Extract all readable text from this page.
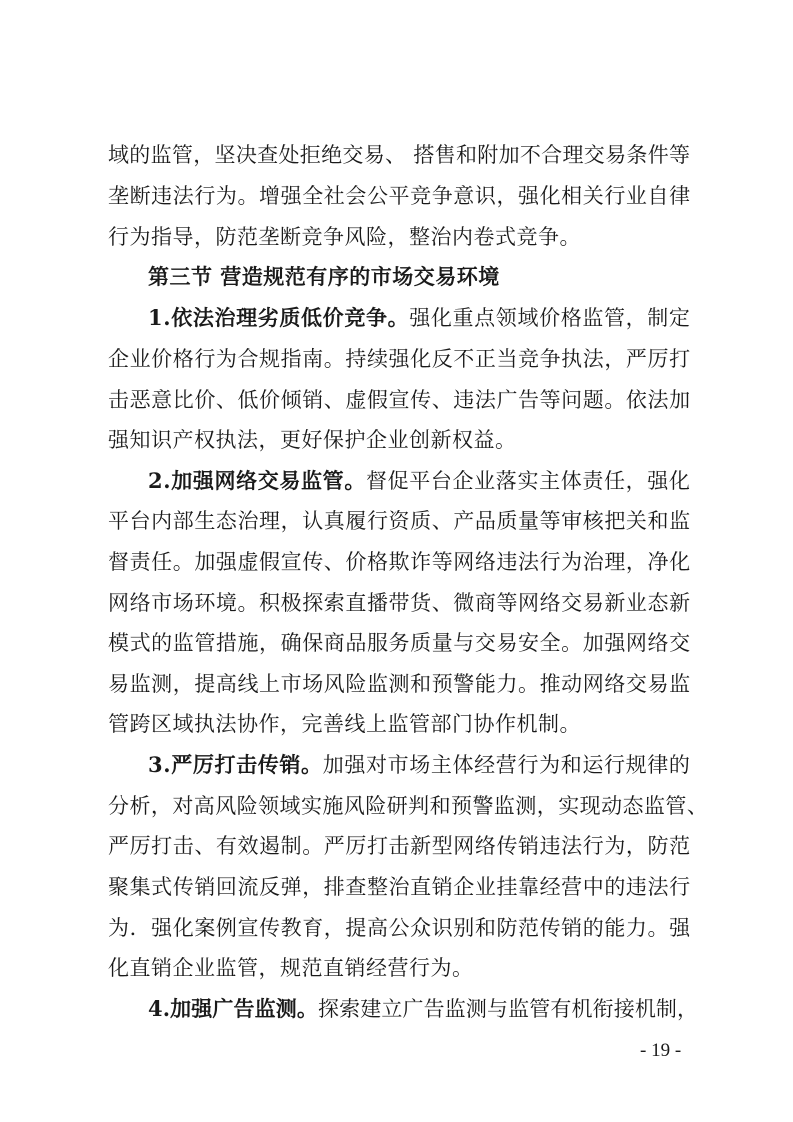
域的监管，坚决查处拒绝交易、 搭售和附加不合理交易条件等
垄断违法行为。增强全社会公平竞争意识，强化相关行业自律
行为指导，防范垄断竞争风险，整治内卷式竞争。
第三节 营造规范有序的市场交易环境
1.依法治理劣质低价竞争。强化重点领域价格监管，制定
企业价格行为合规指南。持续强化反不正当竞争执法，严厉打
击恶意比价、低价倾销、虚假宣传、违法广告等问题。依法加
强知识产权执法，更好保护企业创新权益。
2.加强网络交易监管。督促平台企业落实主体责任，强化
平台内部生态治理，认真履行资质、产品质量等审核把关和监
督责任。加强虚假宣传、价格欺诈等网络违法行为治理，净化
网络市场环境。积极探索直播带货、微商等网络交易新业态新
模式的监管措施，确保商品服务质量与交易安全。加强网络交
易监测，提高线上市场风险监测和预警能力。推动网络交易监
管跨区域执法协作，完善线上监管部门协作机制。
3.严厉打击传销。加强对市场主体经营行为和运行规律的
分析，对高风险领域实施风险研判和预警监测，实现动态监管、
严厉打击、有效遏制。严厉打击新型网络传销违法行为，防范
聚集式传销回流反弹，排查整治直销企业挂靠经营中的违法行
为．强化案例宣传教育，提高公众识别和防范传销的能力。强
化直销企业监管，规范直销经营行为。
4.加强广告监测。探索建立广告监测与监管有机衔接机制，
- 19 -
